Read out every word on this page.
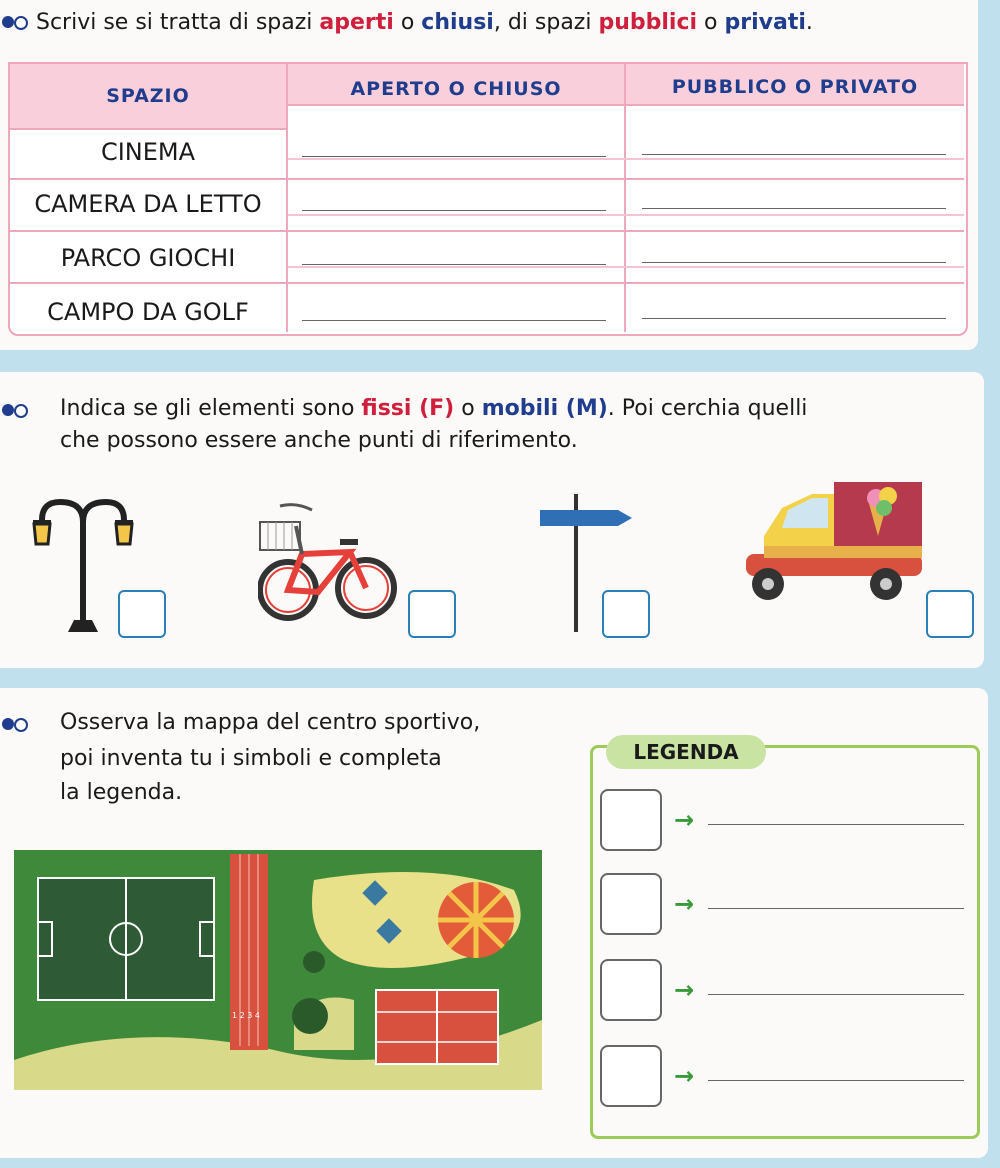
Scrivi se si tratta di spazi aperti o chiusi, di spazi pubblici o privati.
SPAZIO	APERTO O CHIUSO	PUBBLICO O PRIVATO
CINEMA
CAMERA DA LETTO
PARCO GIOCHI
CAMPO DA GOLF
Indica se gli elementi sono fissi (F) o mobili (M). Poi cerchia quelli
che possono essere anche punti di riferimento.
Osserva la mappa del centro sportivo,
poi inventa tu i simboli e completa
la legenda.
1 2 3 4
LEGENDA
→
→
→
→
